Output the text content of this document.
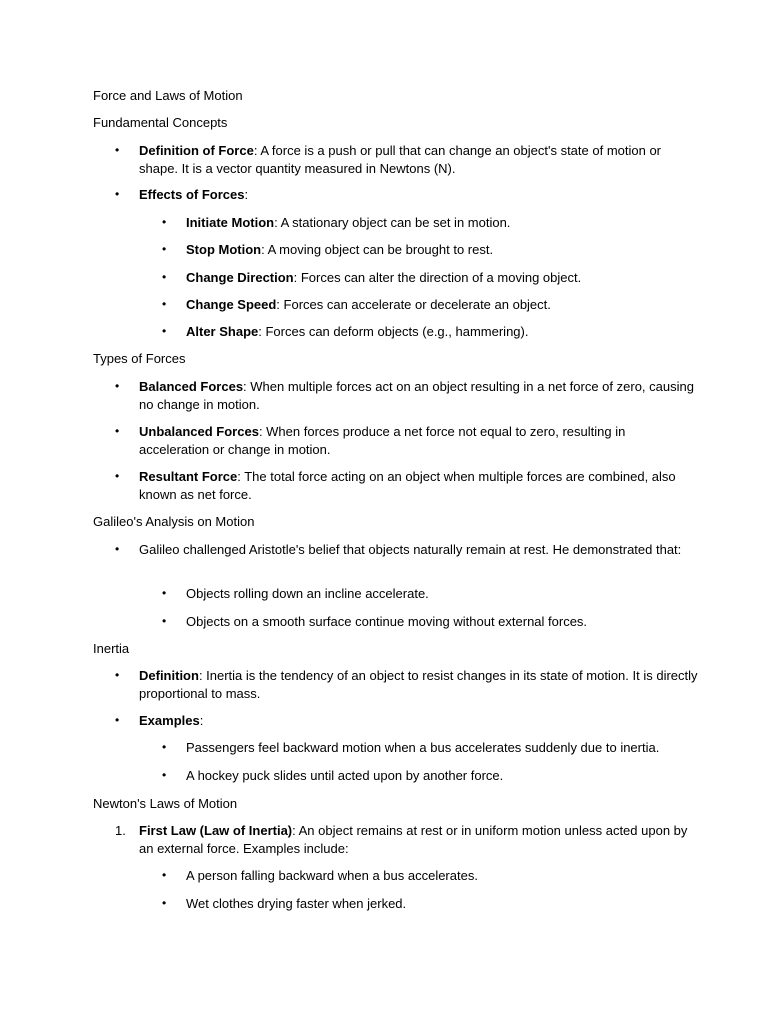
Force and Laws of Motion
Fundamental Concepts
• Definition of Force: A force is a push or pull that can change an object's state of motion or shape. It is a vector quantity measured in Newtons (N).
• Effects of Forces:
• Initiate Motion: A stationary object can be set in motion.
• Stop Motion: A moving object can be brought to rest.
• Change Direction: Forces can alter the direction of a moving object.
• Change Speed: Forces can accelerate or decelerate an object.
• Alter Shape: Forces can deform objects (e.g., hammering).
Types of Forces
• Balanced Forces: When multiple forces act on an object resulting in a net force of zero, causing no change in motion.
• Unbalanced Forces: When forces produce a net force not equal to zero, resulting in acceleration or change in motion.
• Resultant Force: The total force acting on an object when multiple forces are combined, also known as net force.
Galileo's Analysis on Motion
• Galileo challenged Aristotle's belief that objects naturally remain at rest. He demonstrated that:
• Objects rolling down an incline accelerate.
• Objects on a smooth surface continue moving without external forces.
Inertia
• Definition: Inertia is the tendency of an object to resist changes in its state of motion. It is directly proportional to mass.
• Examples:
• Passengers feel backward motion when a bus accelerates suddenly due to inertia.
• A hockey puck slides until acted upon by another force.
Newton's Laws of Motion
1. First Law (Law of Inertia): An object remains at rest or in uniform motion unless acted upon by an external force. Examples include:
• A person falling backward when a bus accelerates.
• Wet clothes drying faster when jerked.
